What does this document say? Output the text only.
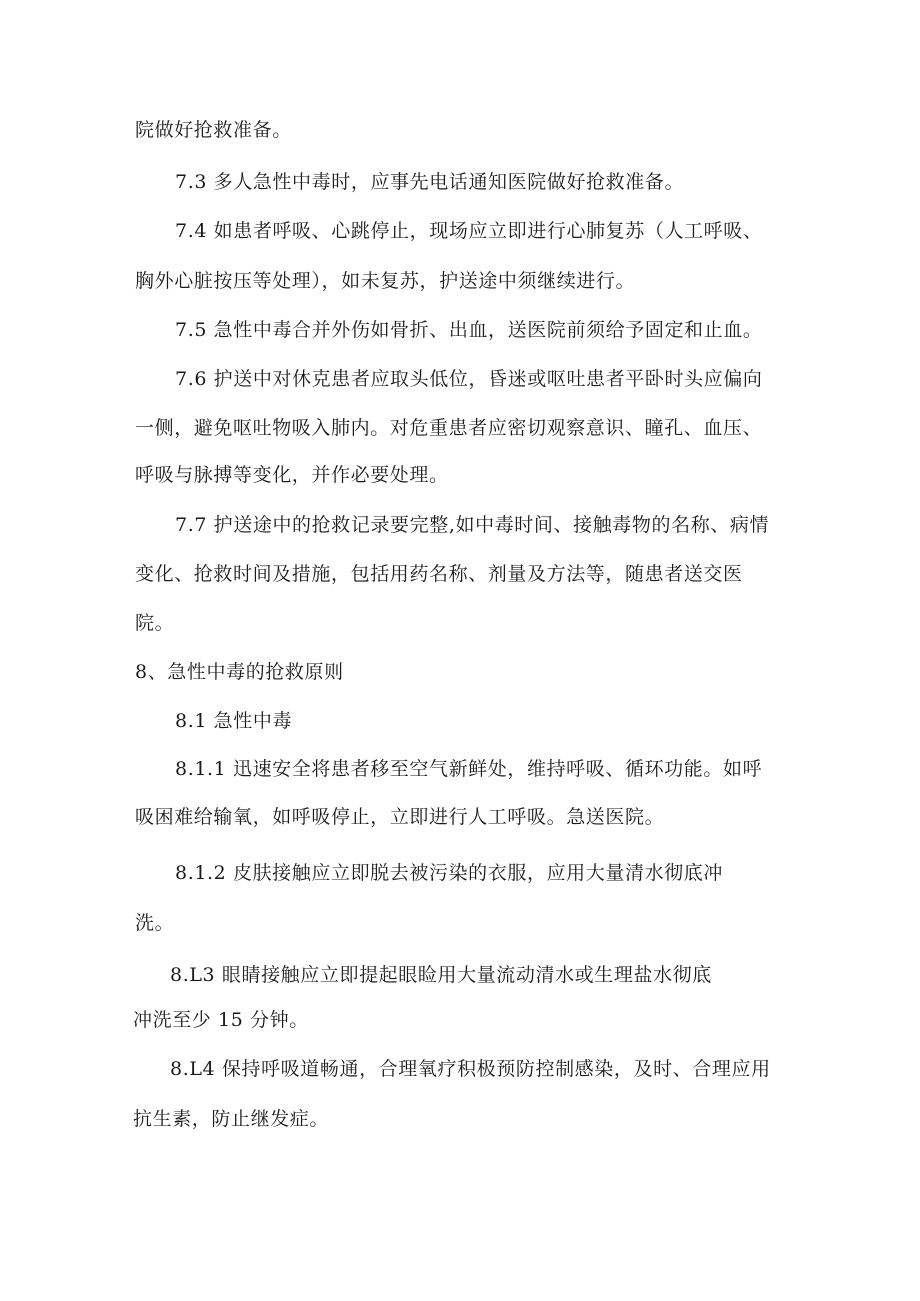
院做好抢救准备。
7.3 多人急性中毒时，应事先电话通知医院做好抢救准备。
7.4 如患者呼吸、心跳停止，现场应立即进行心肺复苏（人工呼吸、
胸外心脏按压等处理），如未复苏，护送途中须继续进行。
7.5 急性中毒合并外伤如骨折、出血，送医院前须给予固定和止血。
7.6 护送中对休克患者应取头低位，昏迷或呕吐患者平卧时头应偏向
一侧，避免呕吐物吸入肺内。对危重患者应密切观察意识、瞳孔、血压、
呼吸与脉搏等变化，并作必要处理。
7.7 护送途中的抢救记录要完整,如中毒时间、接触毒物的名称、病情
变化、抢救时间及措施，包括用药名称、剂量及方法等，随患者送交医
院。
8、急性中毒的抢救原则
8.1 急性中毒
8.1.1 迅速安全将患者移至空气新鲜处，维持呼吸、循环功能。如呼
吸困难给输氧，如呼吸停止，立即进行人工呼吸。急送医院。
8.1.2 皮肤接触应立即脱去被污染的衣服，应用大量清水彻底冲
洗。
8.L3 眼睛接触应立即提起眼睑用大量流动清水或生理盐水彻底
冲洗至少 15 分钟。
8.L4 保持呼吸道畅通，合理氧疗积极预防控制感染，及时、合理应用
抗生素，防止继发症。
